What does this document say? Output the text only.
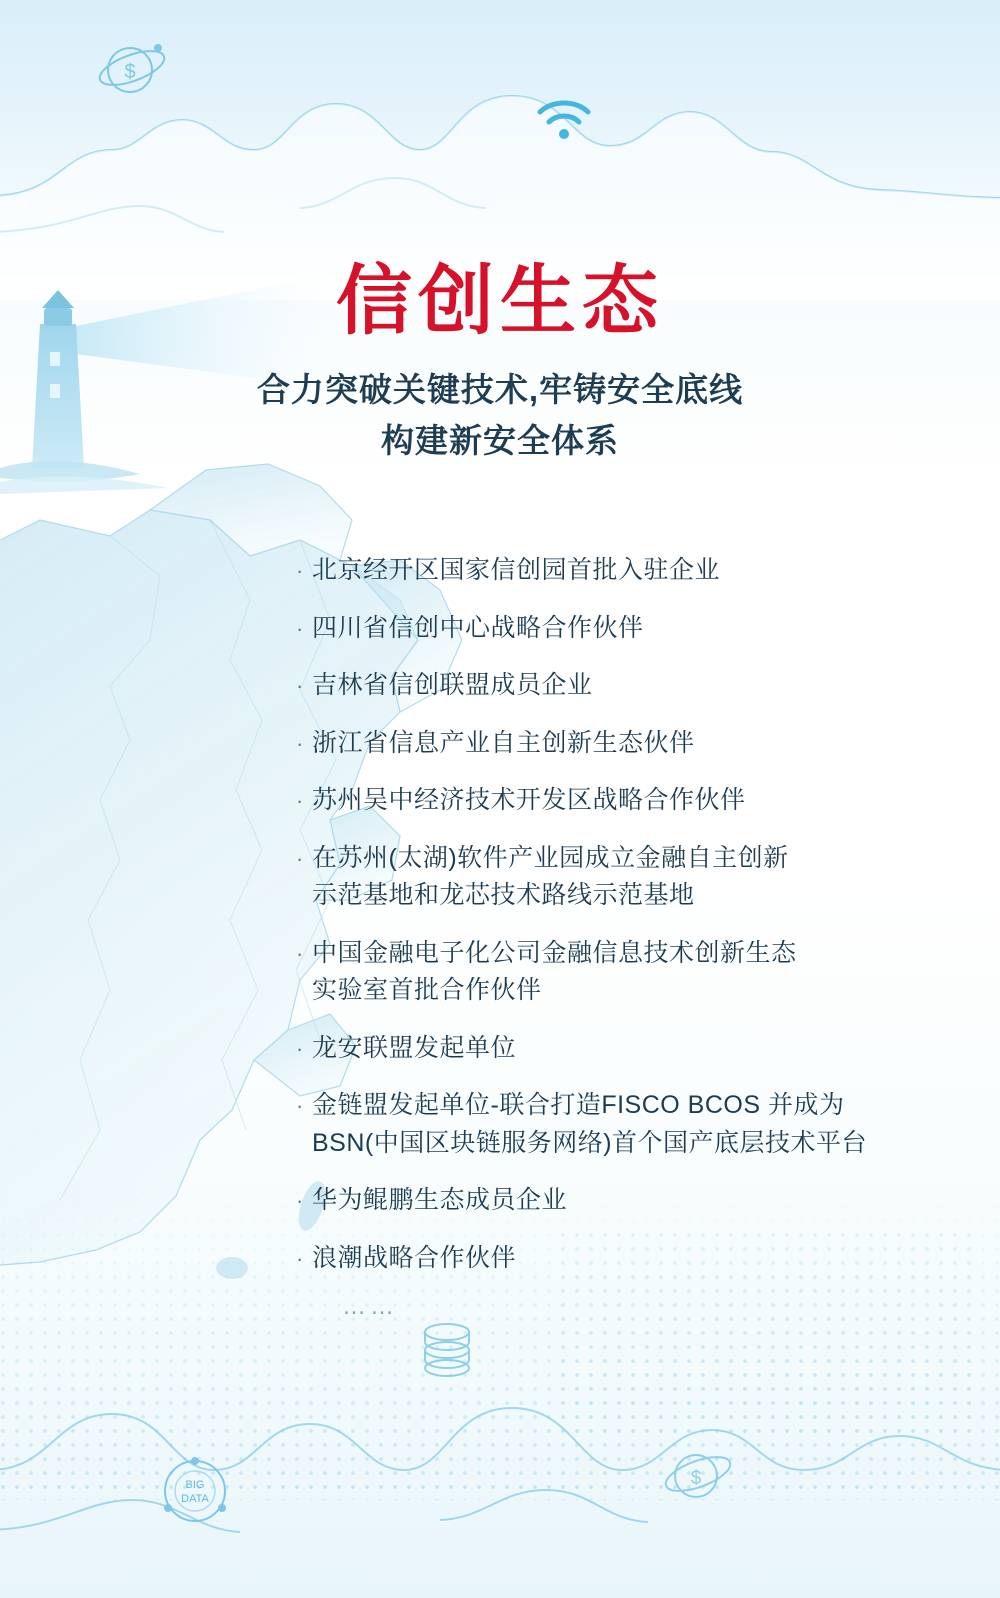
$
BIG
DATA
$
信创生态
合力突破关键技术,牢铸安全底线
构建新安全体系
· 北京经开区国家信创园首批入驻企业
· 四川省信创中心战略合作伙伴
· 吉林省信创联盟成员企业
· 浙江省信息产业自主创新生态伙伴
· 苏州吴中经济技术开发区战略合作伙伴
· 在苏州(太湖)软件产业园成立金融自主创新
示范基地和龙芯技术路线示范基地
· 中国金融电子化公司金融信息技术创新生态
实验室首批合作伙伴
· 龙安联盟发起单位
· 金链盟发起单位-联合打造FISCO BCOS 并成为
BSN(中国区块链服务网络)首个国产底层技术平台
· 华为鲲鹏生态成员企业
· 浪潮战略合作伙伴
……
